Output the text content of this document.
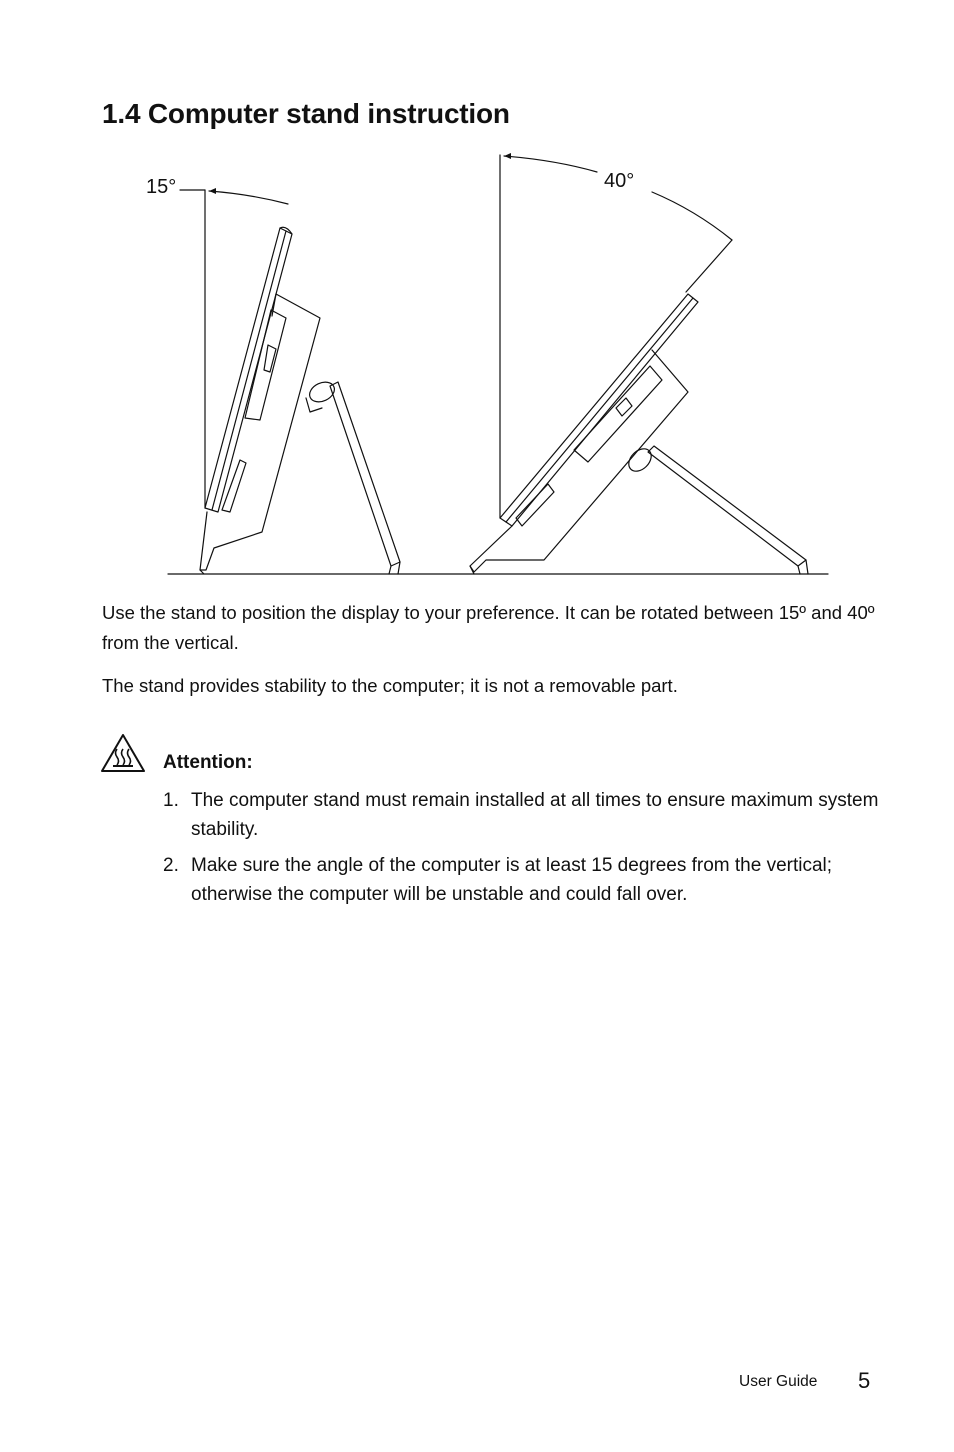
1.4 Computer stand instruction
15°	40°

Use the stand to position the display to your preference. It can be rotated between 15º and 40º from the vertical.

The stand provides stability to the computer; it is not a removable part.

Attention:

1. The computer stand must remain installed at all times to ensure maximum system stability.
2. Make sure the angle of the computer is at least 15 degrees from the vertical; otherwise the computer will be unstable and could fall over.
User Guide 5
